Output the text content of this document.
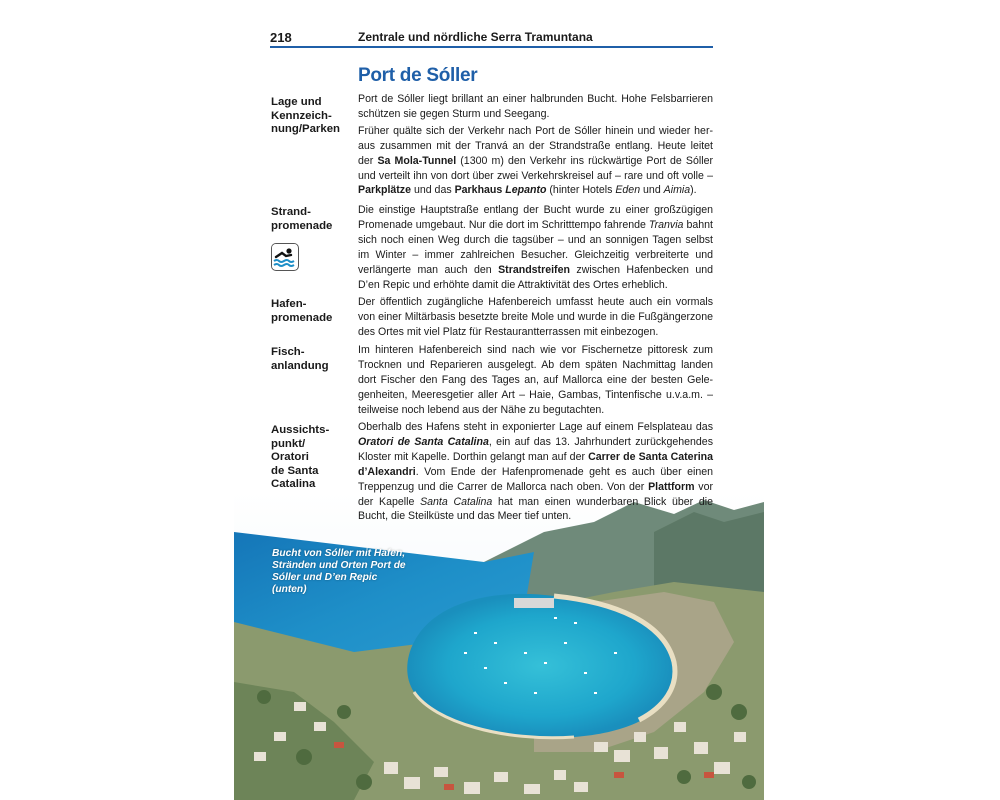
218	Zentrale und nördliche Serra Tramuntana
Port de Sóller
Lage und
Kennzeich-
nung/Parken
Strand-
promenade
Hafen-
promenade
Fisch-
anlandung
Aussichts-
punkt/
Oratori
de Santa
Catalina
Bucht von Sóller mit Hafen, Stränden und Orten Port de Sóller und D’en Repic (unten)

Port de Sóller liegt brillant an einer halbrunden Bucht. Hohe Felsbarrieren schützen sie gegen Sturm und Seegang.

Früher quälte sich der Verkehr nach Port de Sóller hinein und wieder heraus zusammen mit der Tranvá an der Strandstraße entlang. Heute leitet der Sa Mola-Tunnel (1300 m) den Verkehr ins rückwärtige Port de Sóller und verteilt ihn von dort über zwei Verkehrskreisel auf – rare und oft volle – Parkplätze und das Parkhaus Lepanto (hinter Hotels Eden und Aimia).

Die einstige Hauptstraße entlang der Bucht wurde zu einer großzügigen Promenade umgebaut. Nur die dort im Schritttempo fahrende Tranvia bahnt sich noch einen Weg durch die tagsüber – und an sonnigen Tagen selbst im Winter – immer zahlreichen Besucher. Gleichzeitig verbreiterte und verlängerte man auch den Strandstreifen zwischen Hafenbecken und D’en Repic und erhöhte damit die Attraktivität des Ortes erheblich.

Der öffentlich zugängliche Hafenbereich umfasst heute auch ein vormals von einer Miltärbasis besetzte breite Mole und wurde in die Fußgängerzone des Ortes mit viel Platz für Restaurantterrassen mit einbezogen.

Im hinteren Hafenbereich sind nach wie vor Fischernetze pittoresk zum Trocknen und Reparieren ausgelegt. Ab dem späten Nachmittag landen dort Fischer den Fang des Tages an, auf Mallorca eine der besten Gelegenheiten, Meeresgetier aller Art – Haie, Gambas, Tintenfische u.v.a.m. – teilweise noch lebend aus der Nähe zu begutachten.

Oberhalb des Hafens steht in exponierter Lage auf einem Felsplateau das Oratori de Santa Catalina, ein auf das 13. Jahrhundert zurückgehendes Kloster mit Kapelle. Dorthin gelangt man auf der Carrer de Santa Caterina d’Alexandri. Vom Ende der Hafenpromenade geht es auch über einen Treppenzug und die Carrer de Mallorca nach oben. Von der Plattform vor der Kapelle Santa Catalina hat man einen wunderbaren Blick über die Bucht, die Steilküste und das Meer tief unten.
